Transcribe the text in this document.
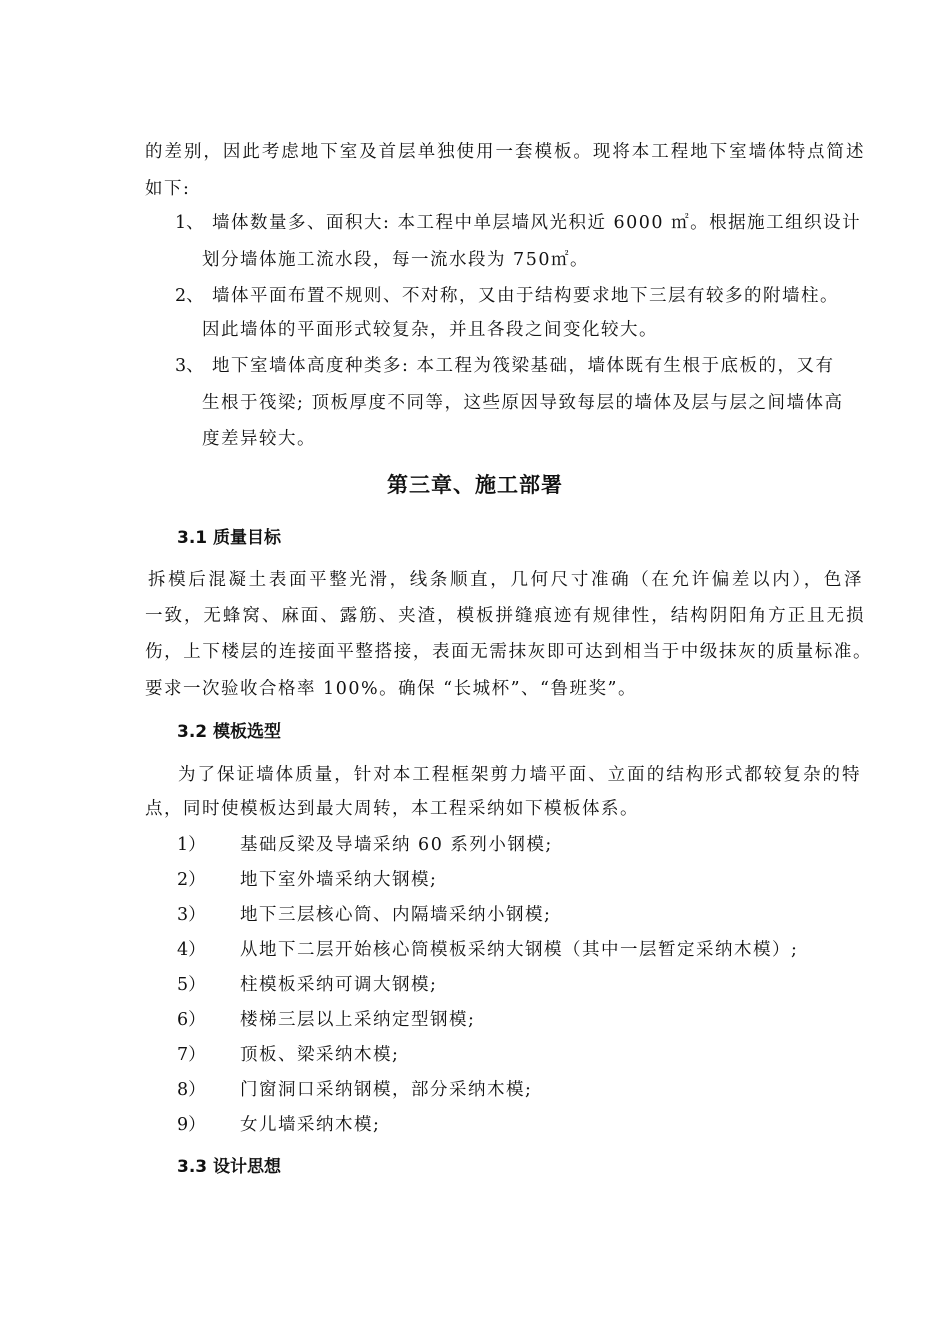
的差别，因此考虑地下室及首层单独使用一套模板。现将本工程地下室墙体特点简述
如下:
1、 墙体数量多、面积大: 本工程中单层墙风光积近 6000 ㎡。根据施工组织设计
划分墙体施工流水段，每一流水段为 750㎡。
2、 墙体平面布置不规则、不对称，又由于结构要求地下三层有较多的附墙柱。
因此墙体的平面形式较复杂，并且各段之间变化较大。
3、 地下室墙体高度种类多: 本工程为筏梁基础，墙体既有生根于底板的，又有
生根于筏梁; 顶板厚度不同等，这些原因导致每层的墙体及层与层之间墙体高
度差异较大。
第三章、施工部署
3.1 质量目标
拆模后混凝土表面平整光滑，线条顺直，几何尺寸准确（在允许偏差以内），色泽
一致，无蜂窝、麻面、露筋、夹渣，模板拼缝痕迹有规律性，结构阴阳角方正且无损
伤，上下楼层的连接面平整搭接，表面无需抹灰即可达到相当于中级抹灰的质量标准。
要求一次验收合格率 100%。确保 “长城杯”、“鲁班奖”。
3.2 模板选型
为了保证墙体质量，针对本工程框架剪力墙平面、立面的结构形式都较复杂的特
点，同时使模板达到最大周转，本工程采纳如下模板体系。
1） 基础反梁及导墙采纳 60 系列小钢模;
2） 地下室外墙采纳大钢模;
3） 地下三层核心筒、内隔墙采纳小钢模;
4） 从地下二层开始核心筒模板采纳大钢模（其中一层暂定采纳木模）;
5） 柱模板采纳可调大钢模;
6） 楼梯三层以上采纳定型钢模;
7） 顶板、梁采纳木模;
8） 门窗洞口采纳钢模，部分采纳木模;
9） 女儿墙采纳木模;
3.3 设计思想
